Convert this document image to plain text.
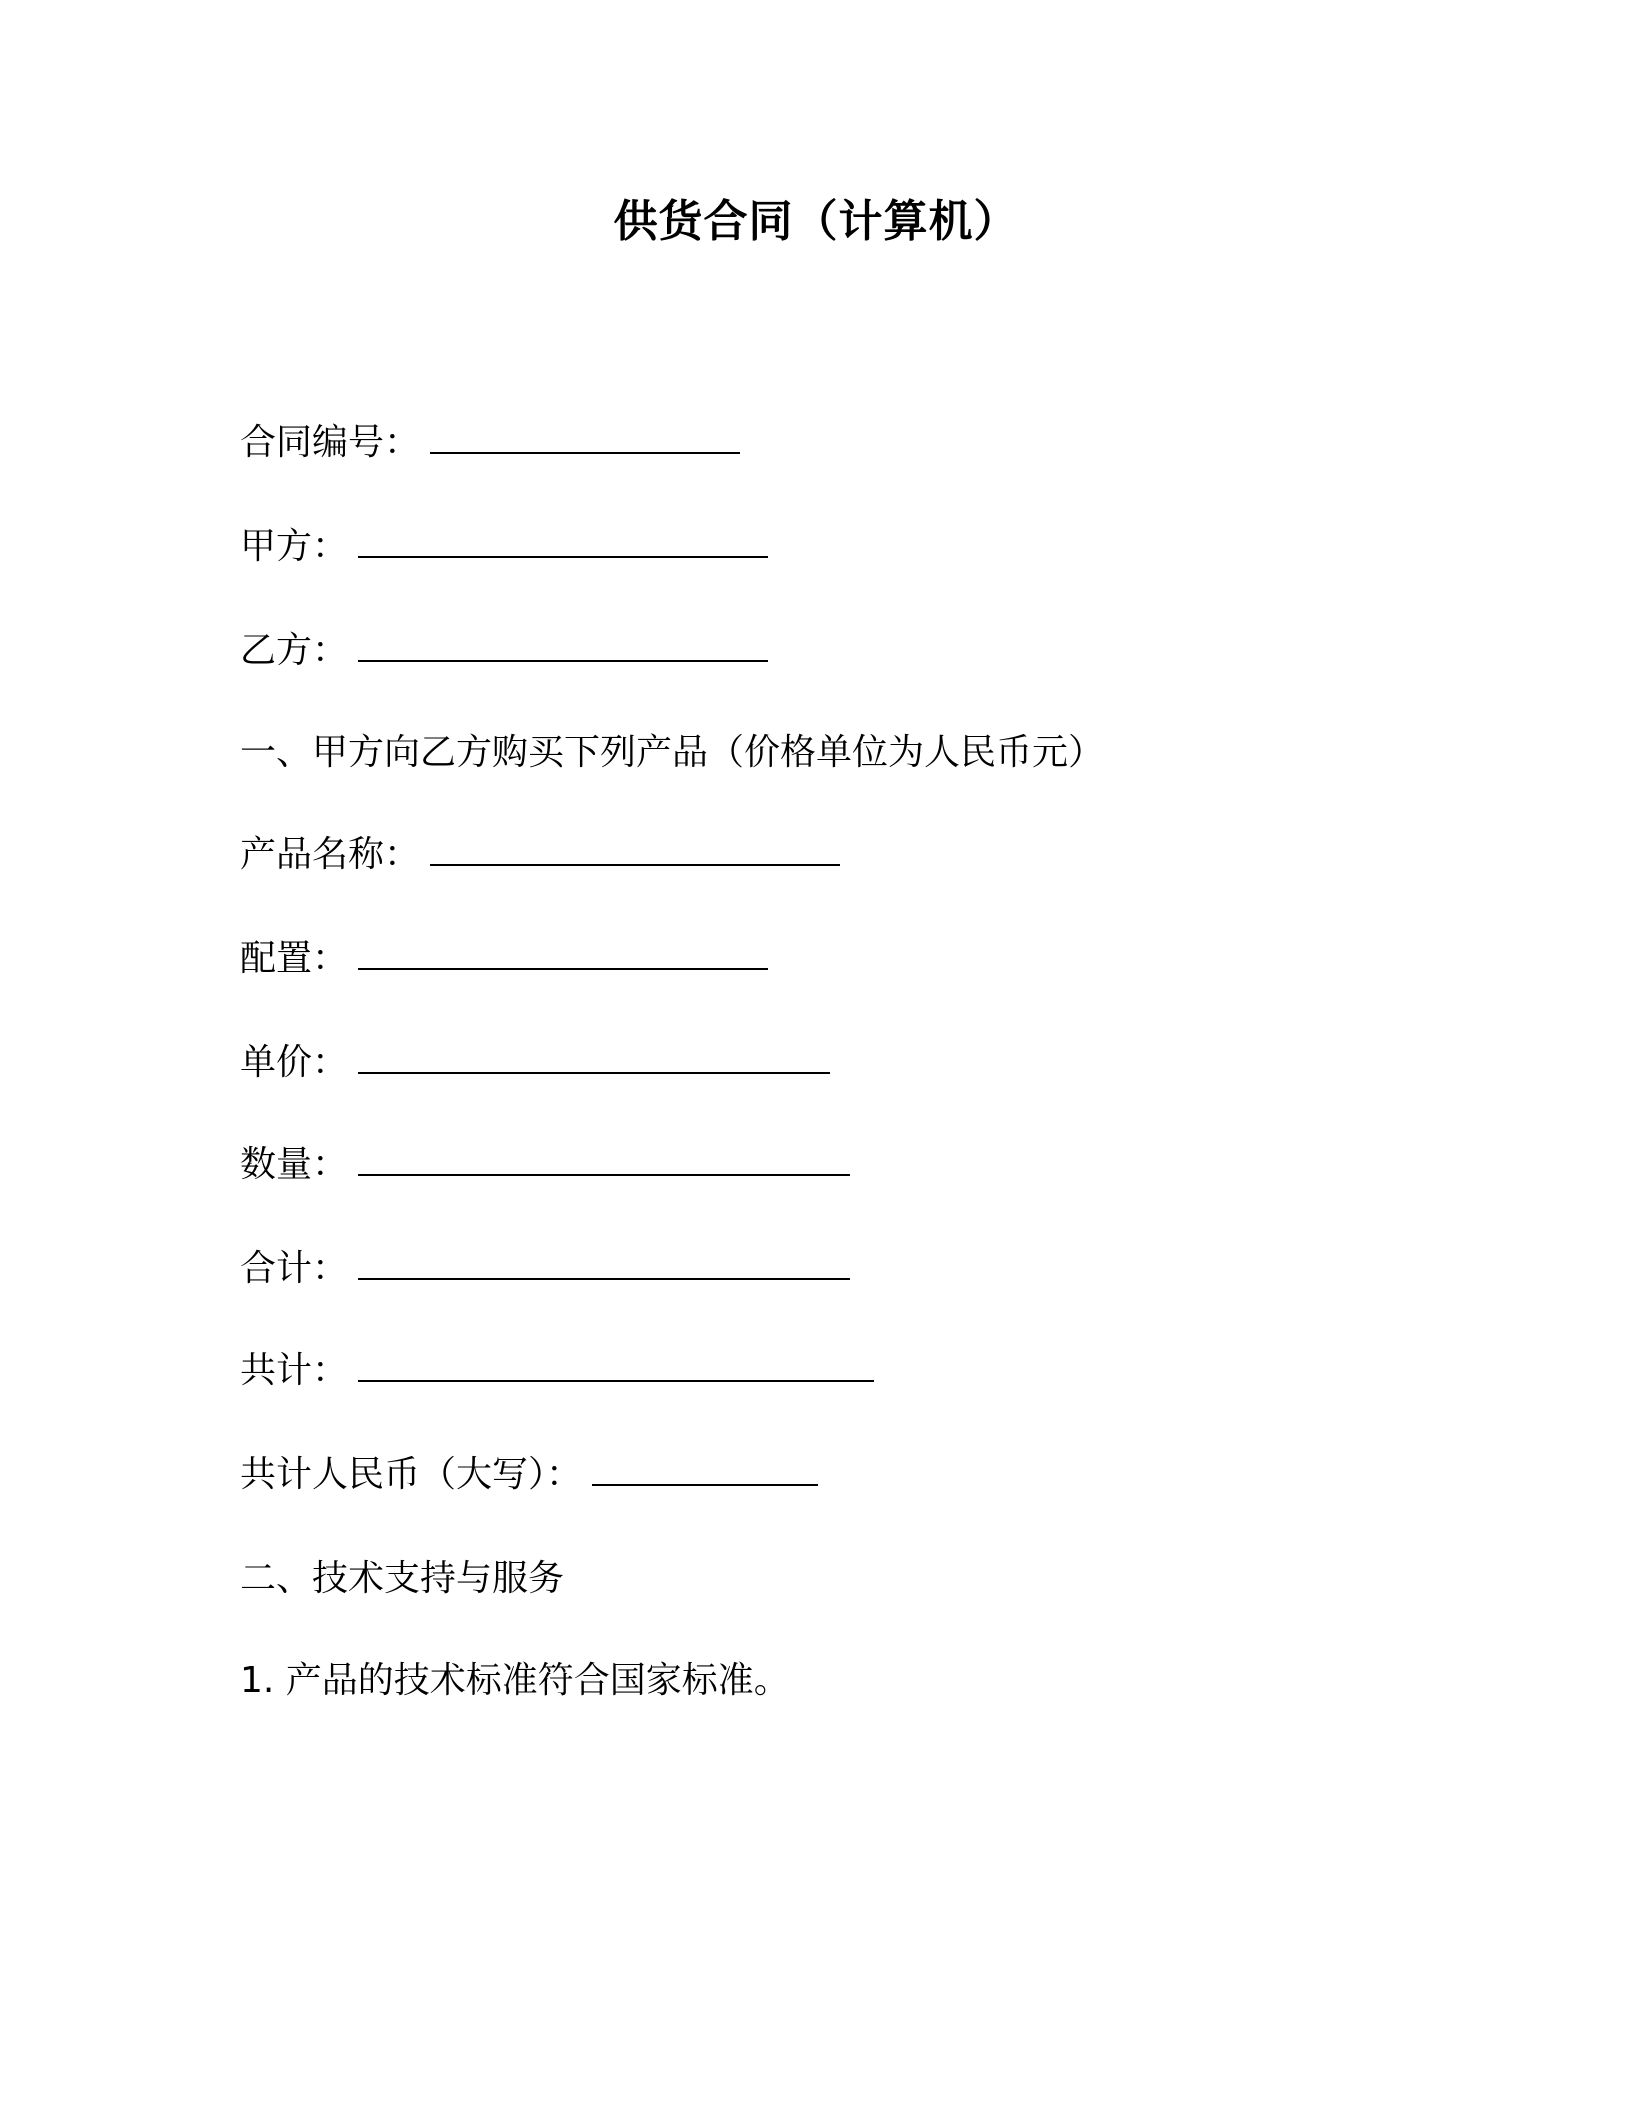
供货合同（计算机）
合同编号：
甲方：
乙方：
一、甲方向乙方购买下列产品（价格单位为人民币元）
产品名称：
配置：
单价：
数量：
合计：
共计：
共计人民币（大写）：
二、技术支持与服务
1. 产品的技术标准符合国家标准。
